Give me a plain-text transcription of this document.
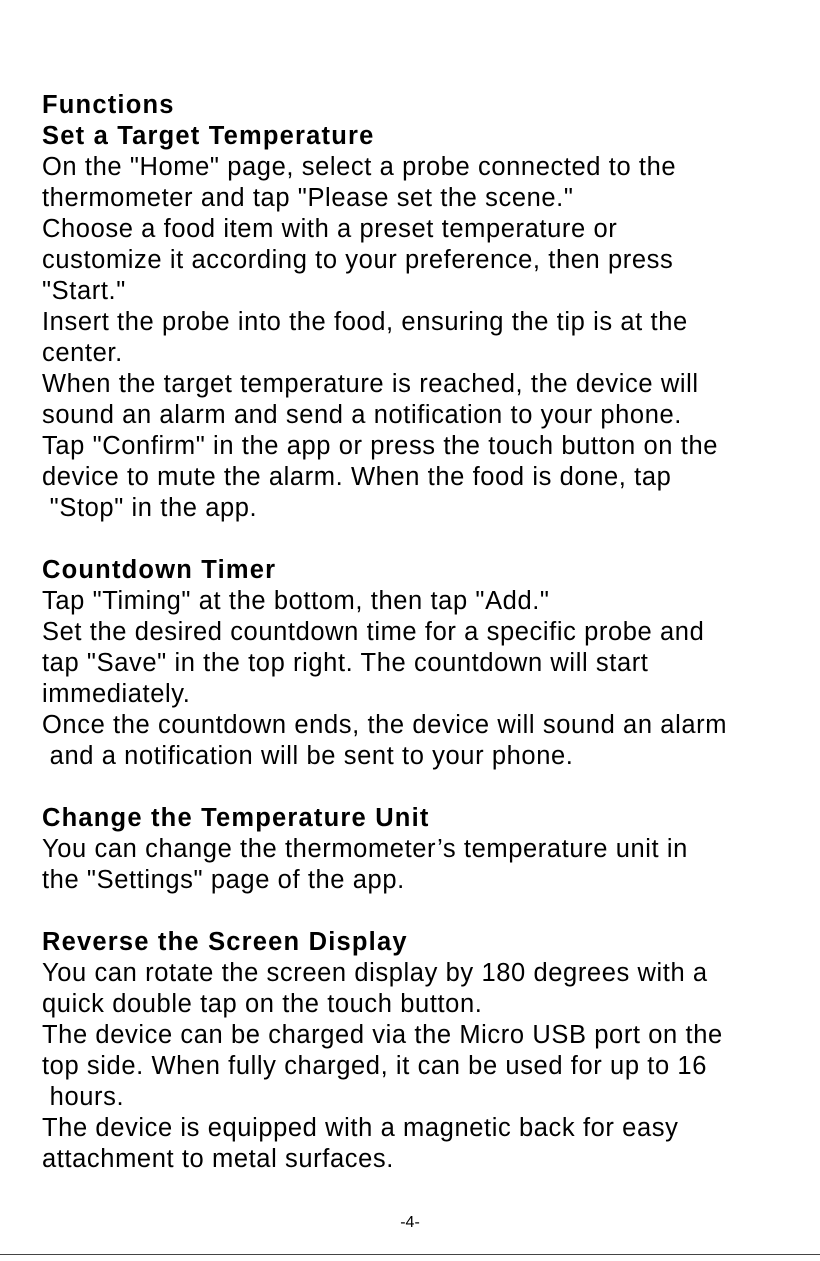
Functions
Set a Target Temperature
On the "Home" page, select a probe connected to the
thermometer and tap "Please set the scene."
Choose a food item with a preset temperature or
customize it according to your preference, then press
"Start."
Insert the probe into the food, ensuring the tip is at the
center.
When the target temperature is reached, the device will
sound an alarm and send a notification to your phone.
Tap "Confirm" in the app or press the touch button on the
device to mute the alarm. When the food is done, tap
"Stop" in the app.
Countdown Timer
Tap "Timing" at the bottom, then tap "Add."
Set the desired countdown time for a specific probe and
tap "Save" in the top right. The countdown will start
immediately.
Once the countdown ends, the device will sound an alarm
and a notification will be sent to your phone.
Change the Temperature Unit
You can change the thermometer’s temperature unit in
the "Settings" page of the app.
Reverse the Screen Display
You can rotate the screen display by 180 degrees with a
quick double tap on the touch button.
The device can be charged via the Micro USB port on the
top side. When fully charged, it can be used for up to 16
hours.
The device is equipped with a magnetic back for easy
attachment to metal surfaces.
-4-
